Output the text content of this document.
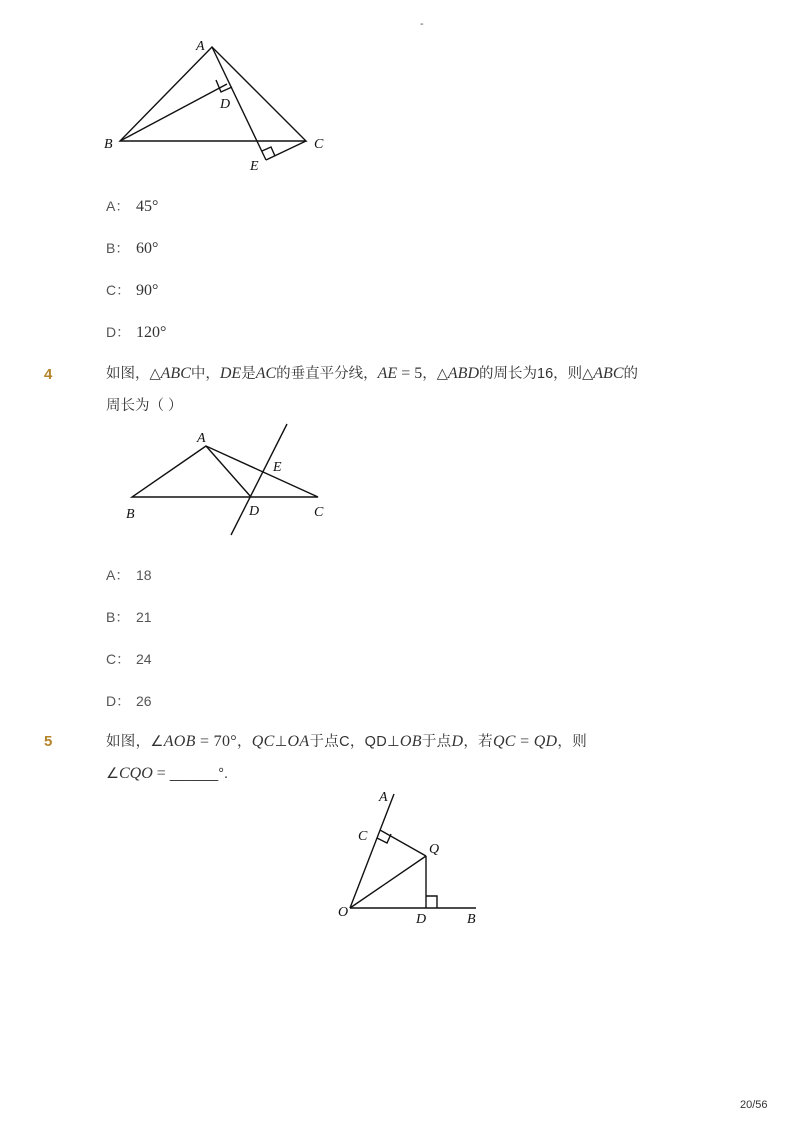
-
A
B	C
D
E
A： 45°
B： 60°
C： 90°
D： 120°
4	如图，△ABC中，DE是AC的垂直平分线，AE = 5，△ABD的周长为16，则△ABC的
周长为（ ）
A
B	C
D
E
A： 18
B： 21
C： 24
D： 26
5	如图，∠AOB = 70°，QC⊥OA于点C，QD⊥OB于点D，若QC = QD，则
∠CQO = ______°.
A
B
C
D
O
Q
20/56
